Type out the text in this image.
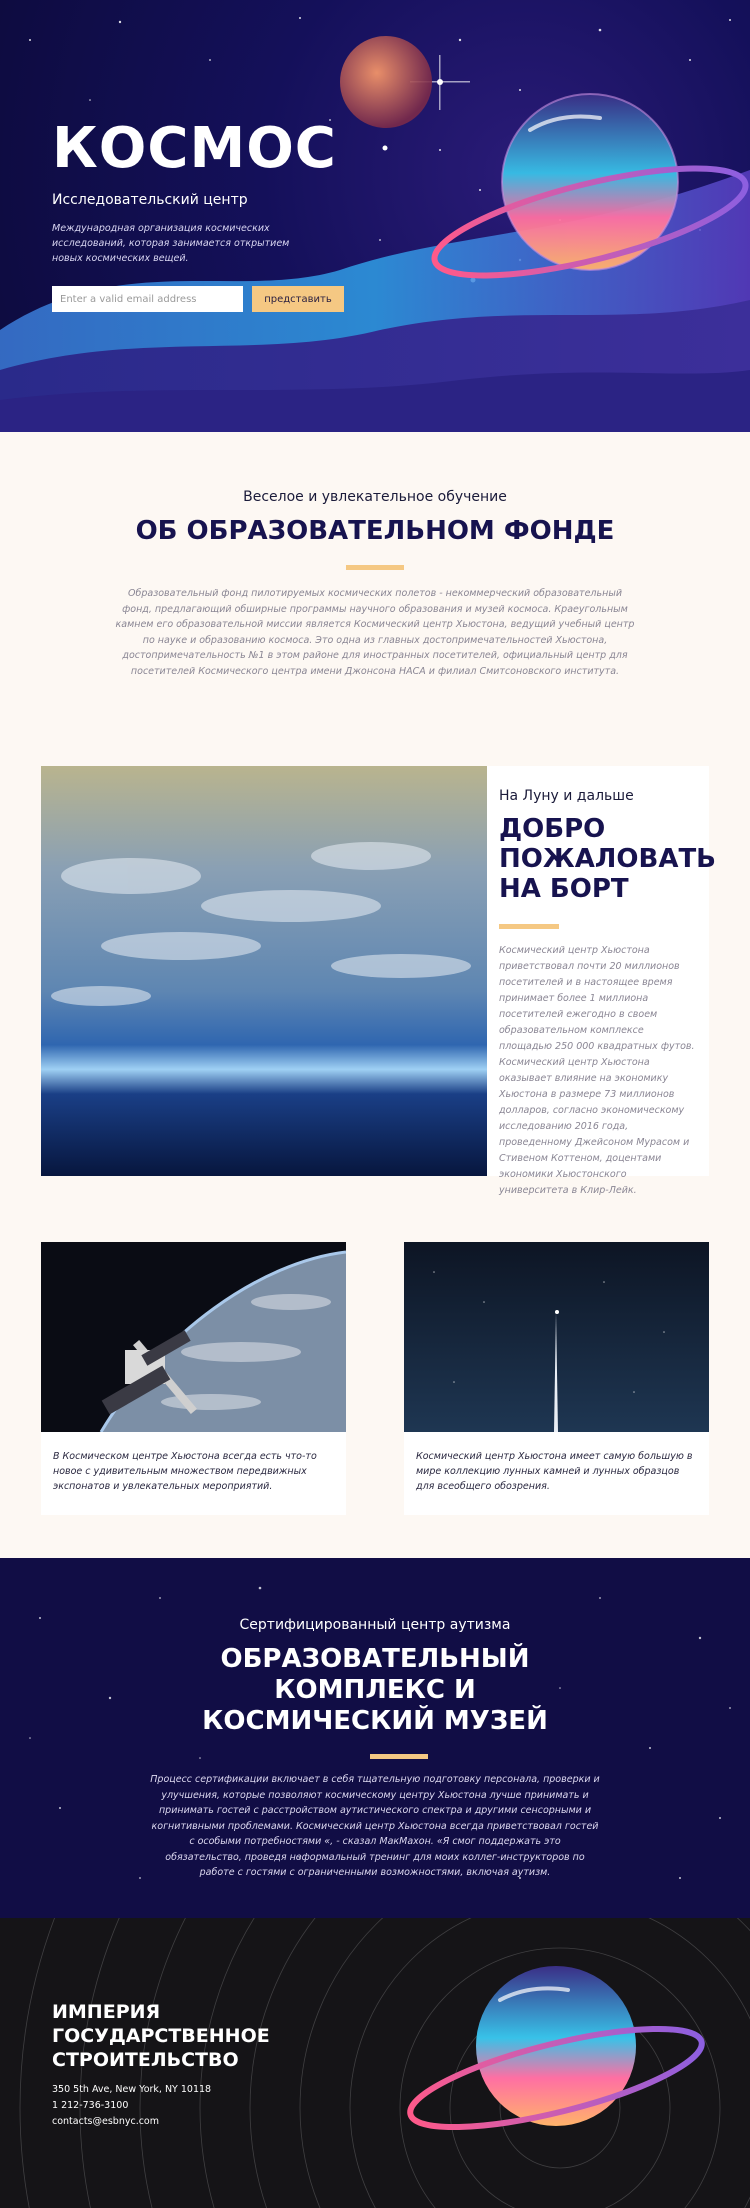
КОСМОС
Исследовательский центр
Международная организация космических исследований, которая занимается открытием новых космических вещей.
Enter a valid email address
представить
Веселое и увлекательное обучение
ОБ ОБРАЗОВАТЕЛЬНОМ ФОНДЕ

Образовательный фонд пилотируемых космических полетов - некоммерческий образовательный фонд, предлагающий обширные программы научного образования и музей космоса. Краеугольным камнем его образовательной миссии является Космический центр Хьюстона, ведущий учебный центр по науке и образованию космоса. Это одна из главных достопримечательностей Хьюстона, достопримечательность №1 в этом районе для иностранных посетителей, официальный центр для посетителей Космического центра имени Джонсона НАСА и филиал Смитсоновского института.

На Луну и дальше
ДОБРО ПОЖАЛОВАТЬ НА БОРТ

Космический центр Хьюстона приветствовал почти 20 миллионов посетителей и в настоящее время принимает более 1 миллиона посетителей ежегодно в своем образовательном комплексе площадью 250 000 квадратных футов. Космический центр Хьюстона оказывает влияние на экономику Хьюстона в размере 73 миллионов долларов, согласно экономическому исследованию 2016 года, проведенному Джейсоном Мурасом и Стивеном Коттеном, доцентами экономики Хьюстонского университета в Клир-Лейк.

В Космическом центре Хьюстона всегда есть что-то новое с удивительным множеством передвижных экспонатов и увлекательных мероприятий.

Космический центр Хьюстона имеет самую большую в мире коллекцию лунных камней и лунных образцов для всеобщего обозрения.

Сертифицированный центр аутизма
ОБРАЗОВАТЕЛЬНЫЙ КОМПЛЕКС И КОСМИЧЕСКИЙ МУЗЕЙ

Процесс сертификации включает в себя тщательную подготовку персонала, проверки и улучшения, которые позволяют космическому центру Хьюстона лучше принимать и принимать гостей с расстройством аутистического спектра и другими сенсорными и когнитивными проблемами. Космический центр Хьюстона всегда приветствовал гостей с особыми потребностями «, - сказал МакМахон. «Я смог поддержать это обязательство, проведя неформальный тренинг для моих коллег-инструкторов по работе с гостями с ограниченными возможностями, включая аутизм.

ИМПЕРИЯ ГОСУДАРСТВЕННОЕ СТРОИТЕЛЬСТВО
350 5th Ave, New York, NY 10118
1 212-736-3100
contacts@esbnyc.com
